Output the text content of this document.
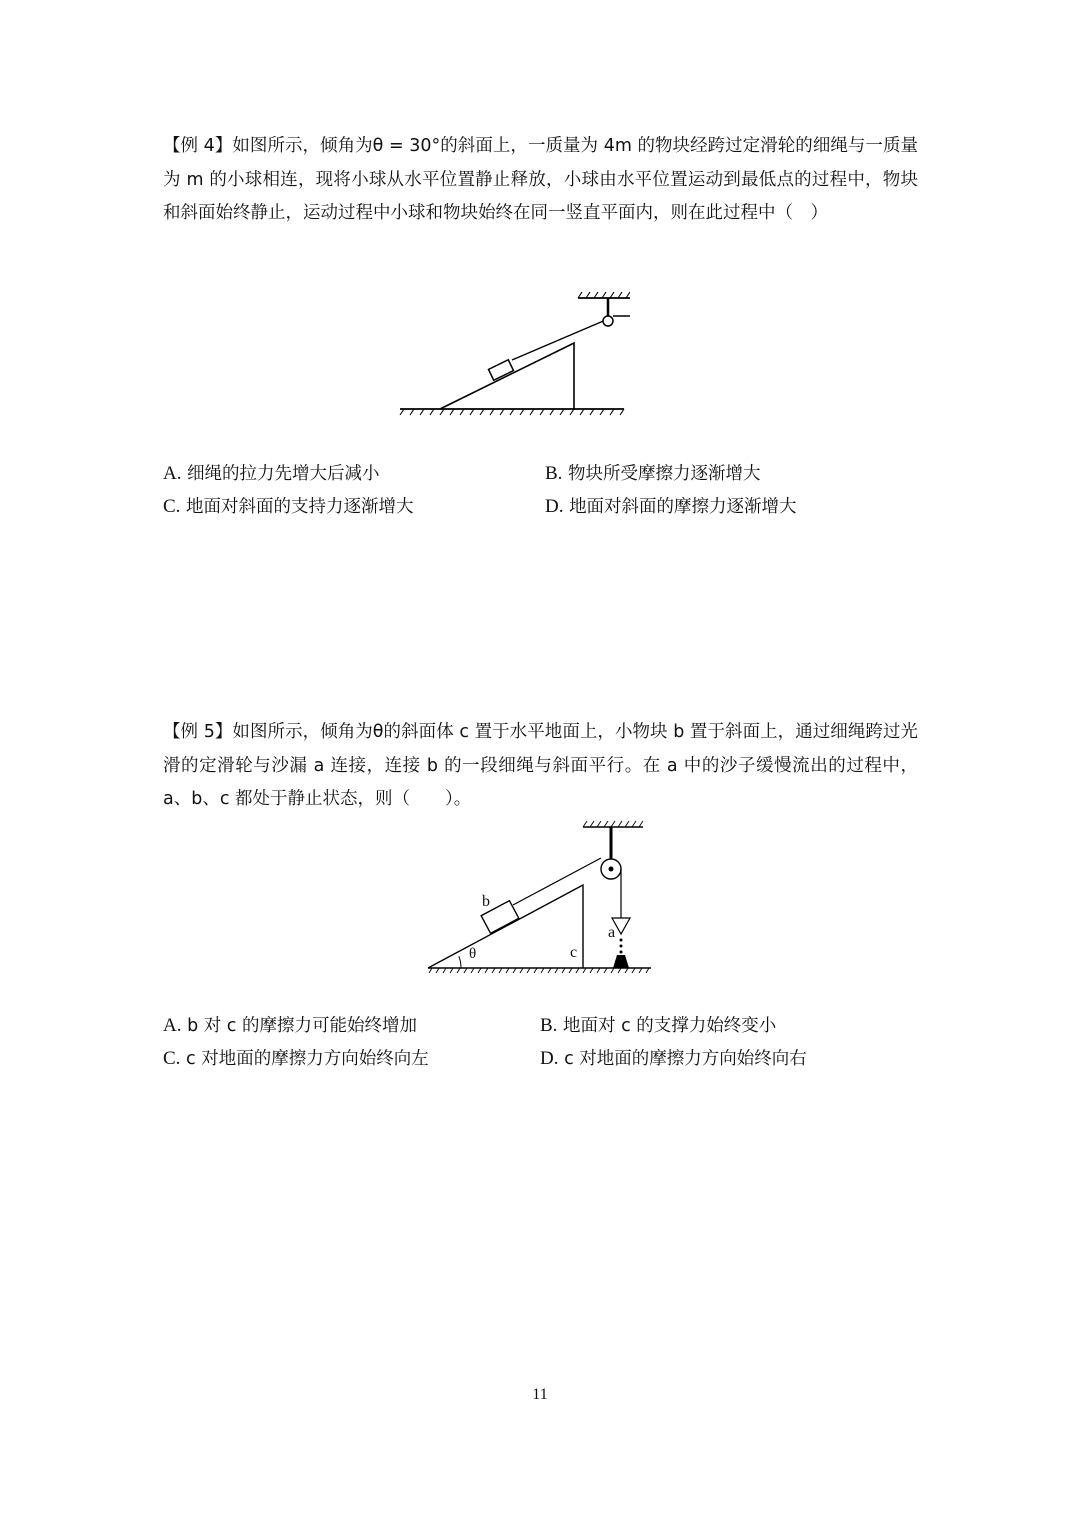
【例 4】如图所示，倾角为θ = 30°的斜面上，一质量为 4m 的物块经跨过定滑轮的细绳与一质量为 m 的小球相连，现将小球从水平位置静止释放，小球由水平位置运动到最低点的过程中，物块和斜面始终静止，运动过程中小球和物块始终在同一竖直平面内，则在此过程中（　）

A. 细绳的拉力先增大后减小	B. 物块所受摩擦力逐渐增大
C. 地面对斜面的支持力逐渐增大	D. 地面对斜面的摩擦力逐渐增大

【例 5】如图所示，倾角为θ的斜面体 c 置于水平地面上，小物块 b 置于斜面上，通过细绳跨过光滑的定滑轮与沙漏 a 连接，连接 b 的一段细绳与斜面平行。在 a 中的沙子缓慢流出的过程中，a、b、c 都处于静止状态，则（　　）。

b
c
a
θ
A. b 对 c 的摩擦力可能始终增加	B. 地面对 c 的支撑力始终变小
C. c 对地面的摩擦力方向始终向左	D. c 对地面的摩擦力方向始终向右
11
